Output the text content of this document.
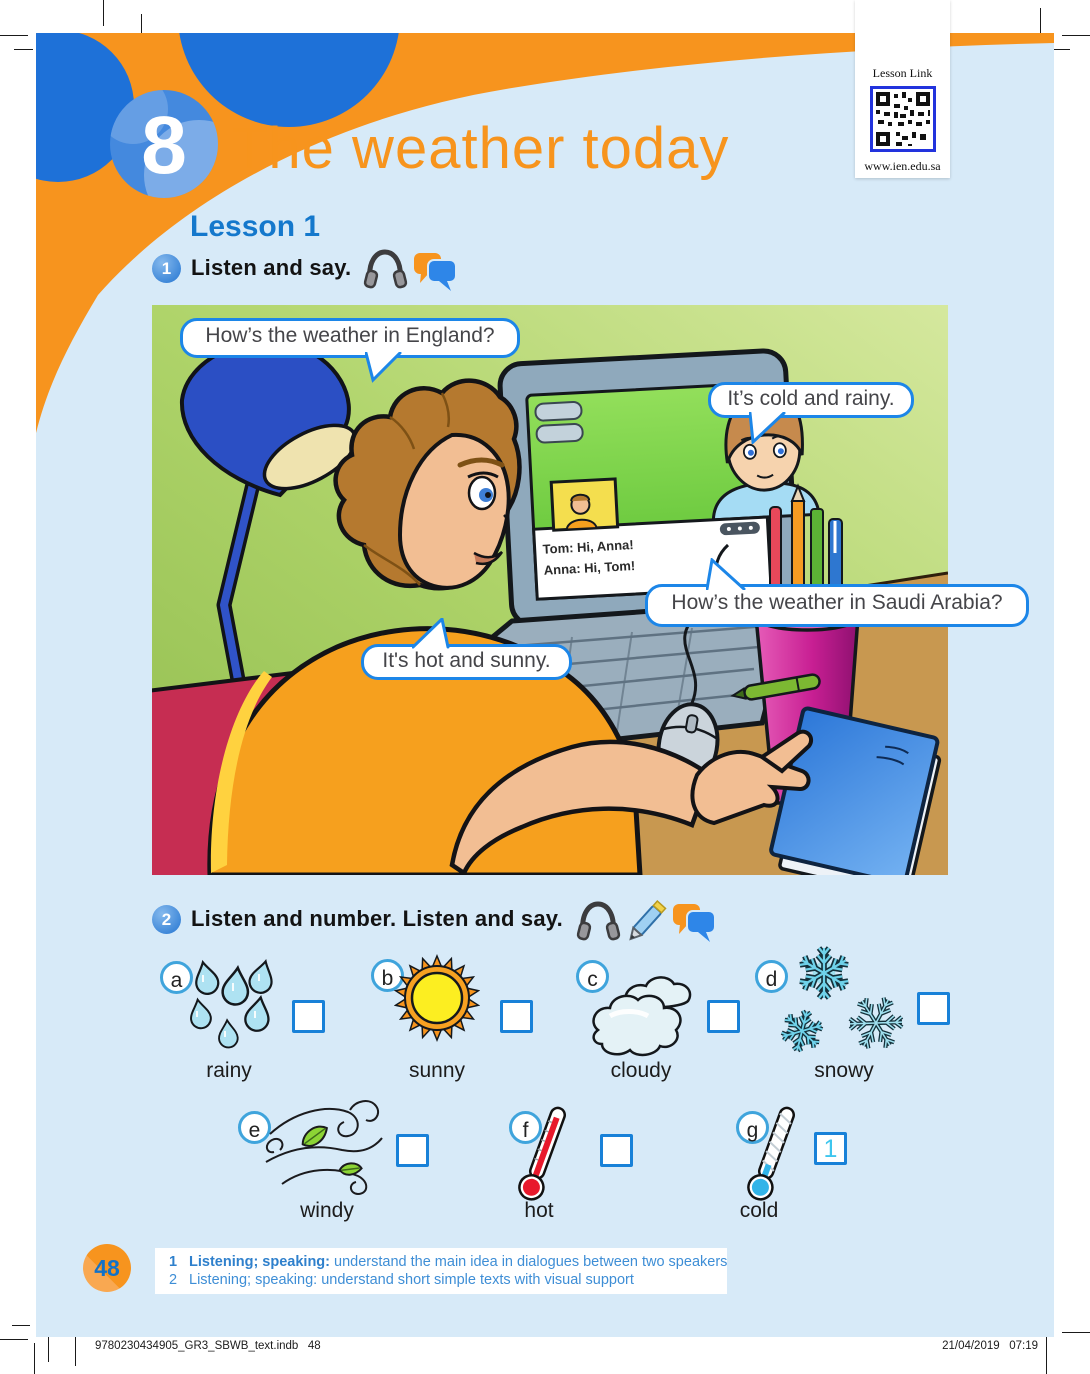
8 The weather today
Lesson 1
1 Listen and say.
Tom: Hi, Anna!
Anna: Hi, Tom!
How’s the weather in England?
It’s cold and rainy.
How’s the weather in Saudi Arabia?
It's hot and sunny.
2 Listen and number. Listen and say.
a
rainy
b
sunny
c
cloudy
d
snowy
e
windy
f
hot
g
1
cold
48	1 Listening; speaking: understand the main idea in dialogues between two speakers
2 Listening; speaking: understand short simple texts with visual support
Lesson Link
www.ien.edu.sa
9780230434905_GR3_SBWB_text.indb   48	21/04/2019   07:19
